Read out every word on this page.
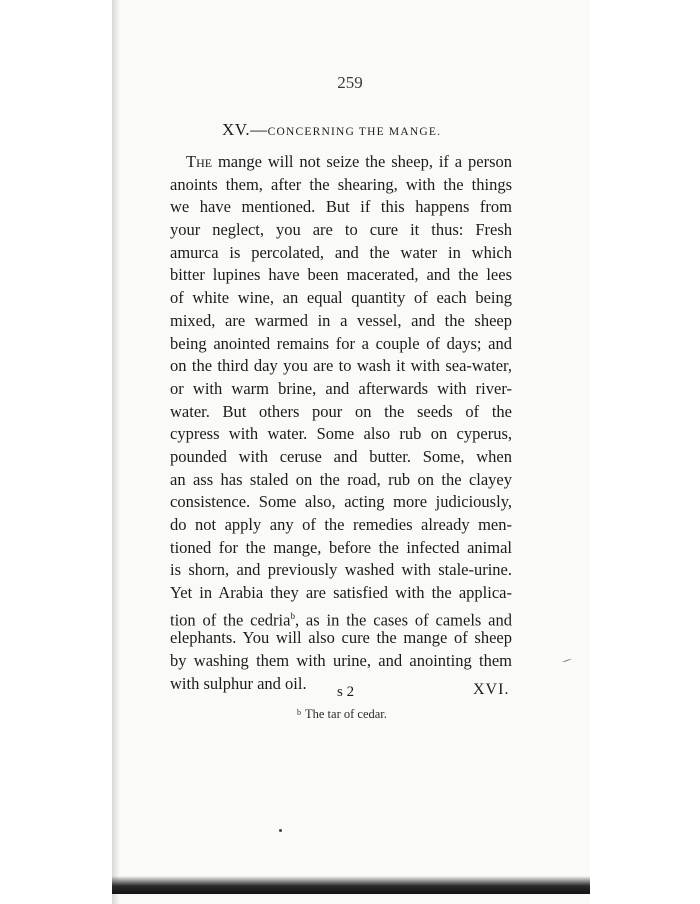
259
XV.—CONCERNING THE MANGE.
The mange will not seize the sheep, if a person
anoints them, after the shearing, with the things
we have mentioned. But if this happens from
your neglect, you are to cure it thus: Fresh
amurca is percolated, and the water in which
bitter lupines have been macerated, and the lees
of white wine, an equal quantity of each being
mixed, are warmed in a vessel, and the sheep
being anointed remains for a couple of days; and
on the third day you are to wash it with sea-water,
or with warm brine, and afterwards with river-
water. But others pour on the seeds of the
cypress with water. Some also rub on cyperus,
pounded with ceruse and butter. Some, when
an ass has staled on the road, rub on the clayey
consistence. Some also, acting more judiciously,
do not apply any of the remedies already men-
tioned for the mange, before the infected animal
is shorn, and previously washed with stale-urine.
Yet in Arabia they are satisfied with the applica-
tion of the cedria$^b$, as in the cases of camels and
elephants. You will also cure the mange of sheep
by washing them with urine, and anointing them
with sulphur and oil.	s 2	XVI.
$^b$ The tar of cedar.
